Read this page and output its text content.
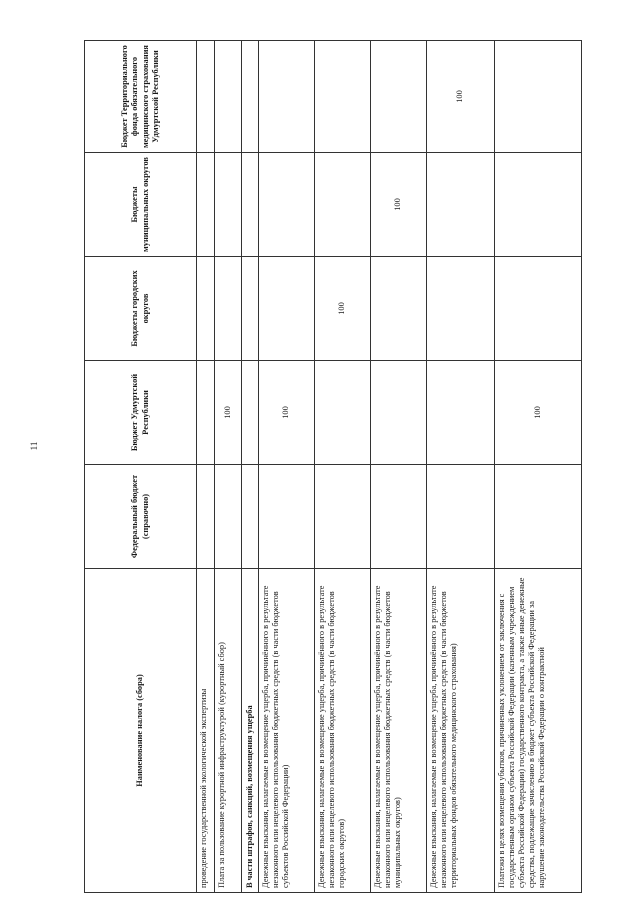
11
Наименование налога (сбора)	Федеральный бюджет (справочно)	Бюджет Удмуртской Республики	Бюджеты городских округов	Бюджеты муниципальных округов	Бюджет Территориального фонда обязательного медицинского страхования Удмуртской Республики
проведение государственной экологической экспертизы					
Плата за пользование курортной инфраструктурой (курортный сбор)		100			
В части штрафов, санкций, возмещения ущерба					
Денежные взыскания, налагаемые в возмещение ущерба, причинённого в результате незаконного или нецелевого использования бюджетных средств (в части бюджетов субъектов Российской Федерации)		100			
Денежные взыскания, налагаемые в возмещение ущерба, причинённого в результате незаконного или нецелевого использования бюджетных средств (в части бюджетов городских округов)			100		
Денежные взыскания, налагаемые в возмещение ущерба, причинённого в результате незаконного или нецелевого использования бюджетных средств (в части бюджетов муниципальных округов)				100	
Денежные взыскания, налагаемые в возмещение ущерба, причинённого в результате незаконного или нецелевого использования бюджетных средств (в части бюджетов территориальных фондов обязательного медицинского страхования)					100
Платежи в целях возмещения убытков, причиненных уклонением от заключения с государственным органом субъекта Российской Федерации (казенным учреждением субъекта Российской Федерации) государственного контракта, а также иные денежные средства, подлежащие зачислению в бюджет субъекта Российской Федерации за нарушение законодательства Российской Федерации о контрактной		100			
